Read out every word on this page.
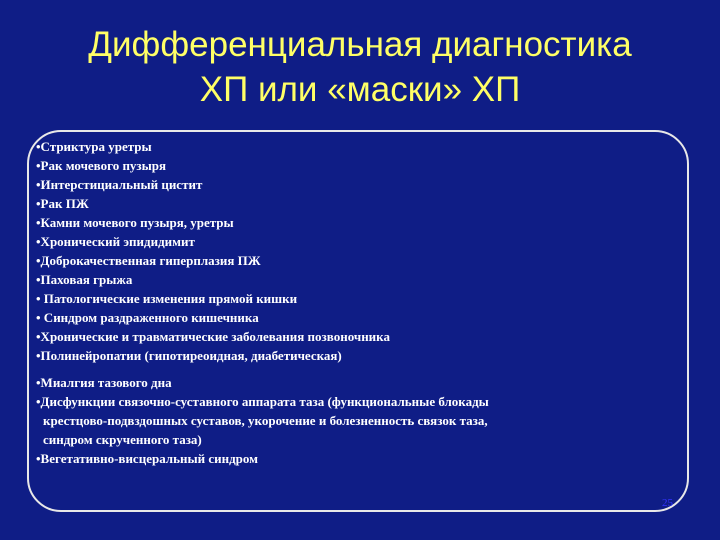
Дифференциальная диагностика
ХП или «маски» ХП
•Стриктура уретры
•Рак мочевого пузыря
•Интерстициальный цистит
•Рак ПЖ
•Камни мочевого пузыря, уретры
•Хронический эпидидимит
•Доброкачественная гиперплазия ПЖ
•Паховая грыжа
• Патологические изменения прямой кишки
• Синдром раздраженного кишечника
•Хронические и травматические заболевания позвоночника
•Полинейропатии (гипотиреоидная, диабетическая)
•Миалгия тазового дна
•Дисфункции связочно-суставного аппарата таза (функциональные блокады
крестцово-подвздошных суставов, укорочение и болезненность связок таза,
синдром скрученного таза)
•Вегетативно-висцеральный синдром
25
